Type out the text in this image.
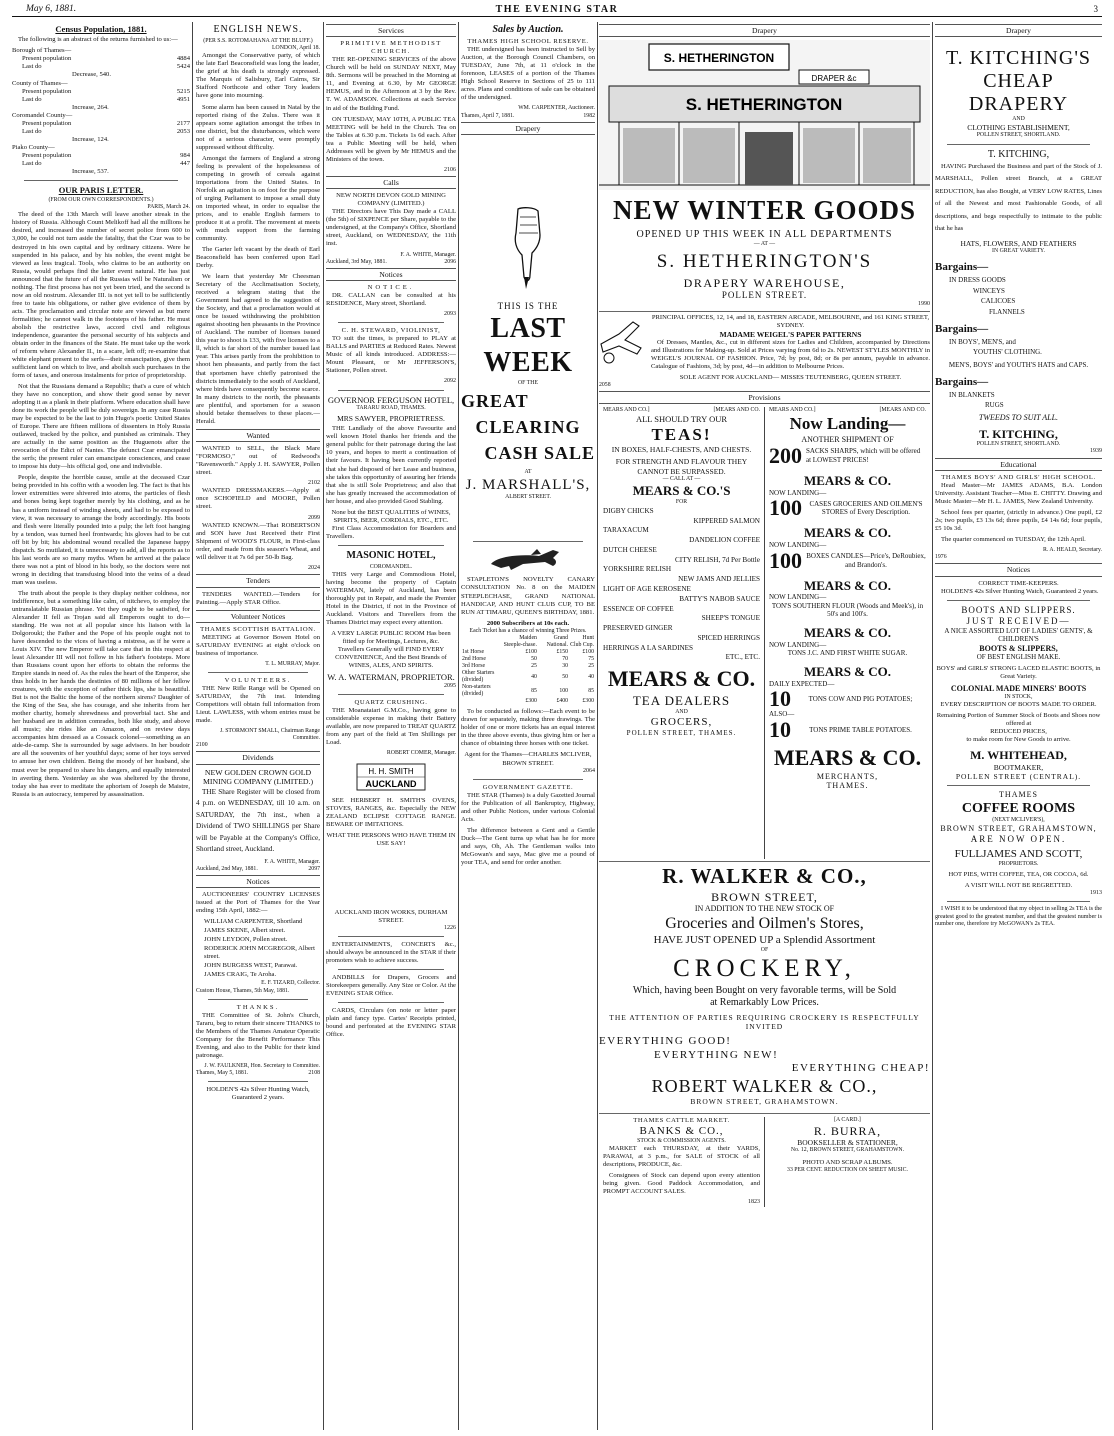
May 6, 1881.	THE EVENING STAR	3
Census Population, 1881.
The following is an abstract of the returns furnished to us:—
Borough of Thames—
Present population	4884
Last do	5424
Decrease, 540.
County of Thames—
Present population	5215
Last do	4951
Increase, 264.
Coromandel County—
Present population	2177
Last do	2053
Increase, 124.
Piako County—
Present population	984
Last do	447
Increase, 537.
OUR PARIS LETTER.
(FROM OUR OWN CORRESPONDENTS.)
PARIS, March 24.
The deed of the 13th March will leave another streak in the history of Russia. Although Count Melikoff had all the millions he desired, and increased the number of secret police from 600 to 3,000, he could not turn aside the fatality, that the Czar was to be destroyed in his own capital and by ordinary citizens. Were he suspended in his palace, and by his nobles, the event might be viewed as less tragical. Tools, who claims to be an authority on Russia, would perhaps find the latter event natural. He has just announced that the future of all the Russias will be Naturalism or nothing. The first process has not yet been tried, and the second is now an old nostrum. Alexander III. is not yet tell to be sufficiently free to taste his obligations, or rather give evidence of them by acts. The proclamation and circular note are viewed as but mere formalities; he cannot walk in the footsteps of his father. He must abolish the restrictive laws, accord civil and religious independence, guarantee the personal security of his subjects and obtain order in the finances of the State. He must take up the work of reform where Alexander II., in a scare, left off; re-examine that white elephant present to the serfs—their emancipation, give them sufficient land on which to live, and abolish such purchases in the form of taxes, and onerous instalments for price of proprietorship.
Not that the Russians demand a Republic; that's a cure of which they have no conception, and show their good sense by never adopting it as a plank in their platform. Where education shall have done its work the people will be duly sovereign. In any case Russia may be expected to be the last to join Hugo's poetic United States of Europe. There are fifteen millions of dissenters in Holy Russia outlawed, tracked by the police, and punished as criminals. They are actually in the same position as the Huguenots after the revocation of the Edict of Nantes. The defunct Czar emancipated the serfs; the present ruler can emancipate consciences, and cease to impose his duty—his official god, one and indivisible.
People, despite the horrible cause, smile at the deceased Czar being provided in his coffin with a wooden leg. The fact is that his lower extremities were shivered into atoms, the particles of flesh and bones being kept together merely by his clothing, and as he has a uniform instead of winding sheets, and had to be exposed to view, it was necessary to arrange the body accordingly. His boots and flesh were literally pounded into a pulp; the left foot hanging by a tendon, was turned heel frontwards; his gloves had to be cut off bit by bit; his abdominal wound recalled the Japanese happy dispatch. So mutilated, it is unnecessary to add, all the reports as to his last words are so many myths. When he arrived at the palace there was not a pint of blood in his body, so the doctors were not wrong in deciding that transfusing blood into the veins of a dead man was useless.
The truth about the people is they display neither coldness, nor indifference, but a something like calm, of nitchevo, to employ the untranslatable Russian phrase. Yet they ought to be satisfied, for Alexander II fell as Trojan said all Emperors ought to do—standing. He was not at all popular since his liaison with la Dolgorouki; the Father and the Pope of his people ought not to have descended to the vices of having a mistress, as if he were a Louis XIV. The new Emperor will take care that in this respect at least Alexander III will not follow in his father's footsteps. More than Russians count upon her efforts to obtain the reforms the Empire stands in need of. As the rules the heart of the Emperor, she thus holds in her hands the destinies of 80 millions of her fellow creatures, with the exception of rather thick lips, she is beautiful. But is not the Baltic the home of the northern sirens? Daughter of the King of the Sea, she has courage, and she inherits from her mother charity, homely shrewdness and proverbial tact. She and her husband are in addition comrades, both like study, and above all music; she rides like an Amazon, and on review days accompanies him dressed as a Cossack colonel—something as an aide-de-camp. She is surrounded by sage advisers. In her boudoir are all the souvenirs of her youthful days; some of her toys served to amuse her own children. Being the moody of her husband, she must ever be prepared to share his dangers, and equally interested in averting them. Yesterday as she was sheltered by the throne, today she has ever to meditate the aphorism of Joseph de Maistre, Russia is an autocracy, tempered by assassination.
ENGLISH NEWS.
(PER S.S. ROTOMAHANA AT THE BLUFF.)
LONDON, April 18.
Amongst the Conservative party, of which the late Earl Beaconsfield was long the leader, the grief at his death is strongly expressed. The Marquis of Salisbury, Earl Cairns, Sir Stafford Northcote and other Tory leaders have gone into mourning.
Some alarm has been caused in Natal by the reported rising of the Zulus. There was it appears some agitation amongst the tribes in one district, but the disturbances, which were not of a serious character, were promptly suppressed without difficulty.
Amongst the farmers of England a strong feeling is prevalent of the hopelessness of competing in growth of cereals against importations from the United States. In Norfolk an agitation is on foot for the purpose of urging Parliament to impose a small duty on imported wheat, in order to equalise the prices, and to enable English farmers to produce it at a profit. The movement at meets with much support from the farming community.
The Garter left vacant by the death of Earl Beaconsfield has been conferred upon Earl Derby.
We learn that yesterday Mr Cheesman Secretary of the Acclimatisation Society, received a telegram stating that the Government had agreed to the suggestion of the Society, and that a proclamation would at once be issued withdrawing the prohibition against shooting hen pheasants in the Province of Auckland. The number of licenses issued this year to shoot is 133, with five licenses to a ll, which is far short of the number issued last year. This arises partly from the prohibition to shoot hen pheasants, and partly from the fact that sportsmen have chiefly patronised the districts immediately to the south of Auckland, where birds have consequently become scarce. In many districts to the north, the pheasants are plentiful, and sportsmen for a season should betake themselves to these places.—Herald.
Wanted
WANTED to SELL, the Black Mare "FORMOSO," out of Redwood's "Ravensworth." Apply J. H. SAWYER, Pollen street.
2102
WANTED DRESSMAKERS.—Apply at once SCHOFIELD and MOORE, Pollen street.
2099
WANTED KNOWN.—That ROBERTSON and SON have Just Received their First Shipment of WOOD'S FLOUR, in First-class order, and made from this season's Wheat, and will deliver it at 7s 6d per 50-lb Bag.
2024
Tenders
TENDERS WANTED.—Tenders for Painting.—Apply STAR Office.
Volunteer Notices
THAMES SCOTTISH BATTALION.
MEETING at Governor Bowen Hotel on SATURDAY EVENING at eight o'clock on business of importance.
T. L. MURRAY, Major.
VOLUNTEERS.
THE New Rifle Range will be Opened on SATURDAY, the 7th inst. Intending Competitors will obtain full information from Lieut. LAWLESS, with whom entries must be made.
J. STORMONT SMALL, Chairman Range Committee.
2100
Dividends
NEW GOLDEN CROWN GOLD MINING COMPANY (LIMITED.)
THE Share Register will be closed from 4 p.m. on WEDNESDAY, till 10 a.m. on SATURDAY, the 7th inst., when a Dividend of TWO SHILLINGS per Share will be Payable at the Company's Office, Shortland street, Auckland.
F. A. WHITE, Manager.
Auckland, 2nd May, 1881.	2097
Notices
AUCTIONEERS' COUNTRY LICENSES issued at the Port of Thames for the Year ending 15th April, 1882:—
WILLIAM CARPENTER, Shortland
JAMES SKENE, Albert street.
JOHN LEYDON, Pollen street.
RODERICK JOHN MCGREGOR, Albert street.
JOHN BURGESS WEST, Parawai.
JAMES CRAIG, Te Aroha.
E. F. TIZARD, Collector.
Custom House, Thames, 5th May, 1881.
THANKS.
THE Committee of St. John's Church, Tararu, beg to return their sincere THANKS to the Members of the Thames Amateur Operatic Company for the Benefit Performance This Evening, and also to the Public for their kind patronage.
J. W. FAULKNER, Hon. Secretary to Committee.
Thames, May 5, 1881.	2108
HOLDEN'S 42s Silver Hunting Watch, Guaranteed 2 years.
Services
PRIMITIVE METHODIST CHURCH.
THE RE-OPENING SERVICES of the above Church will be held on SUNDAY NEXT, May 8th. Sermons will be preached in the Morning at 11, and Evening at 6.30, by Mr GEORGE HEMUS, and in the Afternoon at 3 by the Rev. T. W. ADAMSON. Collections at each Service in aid of the Building Fund.
ON TUESDAY, MAY 10TH, A PUBLIC TEA MEETING will be held in the Church. Tea on the Tables at 6.30 p.m. Tickets 1s 6d each. After tea a Public Meeting will be held, when Addresses will be given by Mr HEMUS and the Ministers of the town.
2106
Calls
NEW NORTH DEVON GOLD MINING COMPANY (LIMITED.)
THE Directors have This Day made a CALL (the 5th) of SIXPENCE per Share, payable to the undersigned, at the Company's Office, Shortland street, Auckland, on WEDNESDAY, the 11th inst.
F. A. WHITE, Manager.
Auckland, 3rd May, 1881.	2096
Notices
NOTICE.
DR. CALLAN can be consulted at his RESIDENCE, Mary street, Shortland.
2093
C. H. STEWARD, VIOLINIST,
TO suit the times, is prepared to PLAY at BALLS and PARTIES at Reduced Rates. Newest Music of all kinds introduced. ADDRESS:—Mount Pleasant, or Mr JEFFERSON'S, Stationer, Pollen street.
2092
GOVERNOR FERGUSON HOTEL,
TARARU ROAD, THAMES.
MRS SAWYER, PROPRIETRESS.
THE Landlady of the above Favourite and well known Hotel thanks her friends and the general public for their patronage during the last 10 years, and hopes to merit a continuation of their favours. It having been currently reported that she had disposed of her Lease and business, she takes this opportunity of assuring her friends that she is still Sole Proprietress; and also that she has greatly increased the accommodation of her house, and also provided Good Stabling.
None but the BEST QUALITIES of WINES, SPIRITS, BEER, CORDIALS, ETC., ETC.
First Class Accommodation for Boarders and Travellers.
MASONIC HOTEL,
COROMANDEL.
THIS very Large and Commodious Hotel, having become the property of Captain WATERMAN, lately of Auckland, has been thoroughly put in Repair, and made the Premier Hotel in the District, if not in the Province of Auckland. Visitors and Travellers from the Thames District may expect every attention.
A VERY LARGE PUBLIC ROOM Has been fitted up for Meetings, Lectures, &c.
Travellers Generally will FIND EVERY CONVENIENCE, And the Best Brands of WINES, ALES, AND SPIRITS.
W. A. WATERMAN, PROPRIETOR.
2095
QUARTZ CRUSHING.
THE Moanataiari G.M.Co., having gone to considerable expense in making their Battery available, are now prepared to TREAT QUARTZ from any part of the field at Ten Shillings per Load.
ROBERT COMER, Manager.
H. H. SMITH
AUCKLAND
SEE HERBERT H. SMITH'S OVENS, STOVES, RANGES, &c. Especially the NEW ZEALAND ECLIPSE COTTAGE RANGE. BEWARE OF IMITATIONS.
WHAT THE PERSONS WHO HAVE THEM IN USE SAY!
AUCKLAND IRON WORKS, DURHAM STREET.
1226
ENTERTAINMENTS, CONCERTS &c., should always be announced in the STAR if their promoters wish to achieve success.
ANDBILLS for Drapers, Grocers and Storekeepers generally. Any Size or Color. At the EVENING STAR Office.
CARDS, Circulars (on note or letter paper plain and fancy type. Cartes' Receipts printed, bound and perforated at the EVENING STAR Office.
Sales by Auction.
THAMES HIGH SCHOOL RESERVE.
THE undersigned has been instructed to Sell by Auction, at the Borough Council Chambers, on TUESDAY, June 7th, at 11 o'clock in the forenoon, LEASES of a portion of the Thames High School Reserve in Sections of 25 to 111 acres. Plans and conditions of sale can be obtained of the undersigned.
WM. CARPENTER, Auctioneer.
Thames, April 7, 1881.	1982
Drapery
THIS IS THE
LAST WEEK
OF THE
GREAT
CLEARING
CASH SALE
AT
J. MARSHALL'S,
ALBERT STREET.
STAPLETON'S NOVELTY CANARY CONSULTATION No. 8 on the MAIDEN STEEPLECHASE, GRAND NATIONAL HANDICAP, AND HUNT CLUB CUP, TO BE RUN AT TIMARU, QUEEN'S BIRTHDAY, 1881.
2000 Subscribers at 10s each.
Each Ticket has a chance of winning Three Prizes.
	Maiden Steeple-chase.	Grand National.	Hunt Club Cup.
1st Horse	£100	£150	£100
2nd Horse	50	70	75
3rd Horse	25	30	25
Other Starters (divided)	40	50	40
Non-starters (divided)	85	100	85
	£300	£400	£300
To be conducted as follows:—Each event to be drawn for separately, making three drawings. The holder of one or more tickets has an equal interest in the three above events, thus giving him or her a chance of obtaining three horses with one ticket.
Agent for the Thames—CHARLES MCLIVER, BROWN STREET.
2064
GOVERNMENT GAZETTE.
THE STAR (Thames) is a duly Gazetted Journal for the Publication of all Bankruptcy, Highway, and other Public Notices, under various Colonial Acts.
The difference between a Gent and a Gentle Duck—The Gent turns up what has he for more and says, Oh, Ah. The Gentleman walks into McGowan's and says, Mac give me a pound of your TEA, and send for order another.
Drapery
S. HETHERINGTON
DRAPER &c
S. HETHERINGTON
NEW WINTER GOODS
OPENED UP THIS WEEK IN ALL DEPARTMENTS
— AT —
S. HETHERINGTON'S
DRAPERY WAREHOUSE,
POLLEN STREET.
1990
PRINCIPAL OFFICES, 12, 14, and 18, EASTERN ARCADE, MELBOURNE, and 161 KING STREET, SYDNEY.
MADAME WEIGEL'S PAPER PATTERNS
Of Dresses, Mantles, &c., cut in different sizes for Ladies and Children, accompanied by Directions and Illustrations for Making-up. Sold at Prices varying from 6d to 2s. NEWEST STYLES MONTHLY in WEIGEL'S JOURNAL OF FASHION. Price, 7d; by post, 8d; or 8s per annum, payable in advance. Catalogue of Fashions, 3d; by post, 4d—in addition to Melbourne Prices.
SOLE AGENT FOR AUCKLAND— MISSES TEUTENBERG, QUEEN STREET.
2058
Provisions
MEARS AND CO.]	[MEARS AND CO.
ALL SHOULD TRY OUR
TEAS!
IN BOXES, HALF-CHESTS, AND CHESTS.
FOR STRENGTH AND FLAVOUR THEY CANNOT BE SURPASSED.
— CALL AT —
MEARS & CO.'S
FOR
DIGBY CHICKS
KIPPERED SALMON
TARAXACUM
DANDELION COFFEE
DUTCH CHEESE
CITY RELISH, 7d Per Bottle
YORKSHIRE RELISH
NEW JAMS AND JELLIES
LIGHT OF AGE KEROSENE
BATTY'S NABOB SAUCE
ESSENCE OF COFFEE
SHEEP'S TONGUE
PRESERVED GINGER
SPICED HERRINGS
HERRINGS A LA SARDINES
ETC., ETC.
MEARS & CO.
TEA DEALERS
AND
GROCERS,
POLLEN STREET, THAMES.
MEARS AND CO.]	[MEARS AND CO.
Now Landing—
ANOTHER SHIPMENT OF
200 SACKS SHARPS, which will be offered at LOWEST PRICES!
MEARS & CO.
NOW LANDING—
100	CASES GROCERIES AND OILMEN'S STORES of Every Description.
MEARS & CO.
NOW LANDING—
100 BOXES CANDLES—Price's, DeRoubiex, and Brandon's.
MEARS & CO.
NOW LANDING—
TON'S SOUTHERN FLOUR (Woods and Meek's), in 50's and 100's.
MEARS & CO.
NOW LANDING—
TONS J.C. AND FIRST WHITE SUGAR.
MEARS & CO.
DAILY EXPECTED—
10	TONS COW AND PIG POTATOES;
ALSO—
10	TONS PRIME TABLE POTATOES.
MEARS & CO.
MERCHANTS,
THAMES.
R. WALKER & CO.,
BROWN STREET,
IN ADDITION TO THE NEW STOCK OF
Groceries and Oilmen's Stores,
HAVE JUST OPENED UP a Splendid Assortment
OF
CROCKERY,
Which, having been Bought on very favorable terms, will be Sold at Remarkably Low Prices.
THE ATTENTION OF PARTIES REQUIRING CROCKERY IS RESPECTFULLY INVITED
EVERYTHING GOOD!
EVERYTHING NEW!
EVERYTHING CHEAP!
ROBERT WALKER & CO.,
BROWN STREET, GRAHAMSTOWN.
THAMES CATTLE MARKET.
BANKS & CO.,
STOCK & COMMISSION AGENTS.
MARKET each THURSDAY, at their YARDS, PARAWAI, at 3 p.m., for SALE of STOCK of all descriptions, PRODUCE, &c.
Consignees of Stock can depend upon every attention being given. Good Paddock Accommodation, and PROMPT ACCOUNT SALES.
1823
[A CARD.]
R. BURRA,
BOOKSELLER & STATIONER,
No. 12, BROWN STREET, GRAHAMSTOWN.
PHOTO AND SCRAP ALBUMS.
33 PER CENT. REDUCTION ON SHEET MUSIC.
Drapery
T. KITCHING'S
CHEAP DRAPERY
AND
CLOTHING ESTABLISHMENT,
POLLEN STREET, SHORTLAND.
T. KITCHING,
HAVING Purchased the Business and part of the Stock of J. MARSHALL, Pollen street Branch, at a GREAT REDUCTION, has also Bought, at VERY LOW RATES, Lines of all the Newest and most Fashionable Goods, of all descriptions, and begs respectfully to intimate to the public that he has
HATS, FLOWERS, AND FEATHERS
IN GREAT VARIETY.
Bargains—
IN DRESS GOODS
WINCEYS
CALICOES
FLANNELS
Bargains—
IN BOYS', MEN'S, and
YOUTHS' CLOTHING.
MEN'S, BOYS' and YOUTH'S HATS and CAPS.
Bargains—
IN BLANKETS
RUGS
TWEEDS TO SUIT ALL.
T. KITCHING,
POLLEN STREET, SHORTLAND.
1939
Educational
THAMES BOYS' AND GIRLS' HIGH SCHOOL.
Head Master—Mr JAMES ADAMS, B.A. London University. Assistant Teacher—Miss E. CHITTY. Drawing and Music Master—Mr H. L. JAMES, New Zealand University.
School fees per quarter, (strictly in advance.) One pupil, £2 2s; two pupils, £3 13s 6d; three pupils, £4 14s 6d; four pupils, £5 10s 3d.
The quarter commenced on TUESDAY, the 12th April.
R. A. HEALD, Secretary.
1976
Notices
CORRECT TIME-KEEPERS.
HOLDEN'S 42s Silver Hunting Watch, Guaranteed 2 years.
BOOTS AND SLIPPERS.
JUST RECEIVED—
A NICE ASSORTED LOT OF LADIES' GENTS', & CHILDREN'S
BOOTS & SLIPPERS,
OF BEST ENGLISH MAKE.
BOYS' and GIRLS' STRONG LACED ELASTIC BOOTS, in Great Variety.
COLONIAL MADE MINERS' BOOTS
IN STOCK,
EVERY DESCRIPTION OF BOOTS MADE TO ORDER.
Remaining Portion of Summer Stock of Boots and Shoes now offered at
REDUCED PRICES,
to make room for New Goods to arrive.
M. WHITEHEAD,
BOOTMAKER,
POLLEN STREET (CENTRAL).
THAMES
COFFEE ROOMS
(NEXT MCLIVER'S),
BROWN STREET, GRAHAMSTOWN,
ARE NOW OPEN.
FULLJAMES AND SCOTT,
PROPRIETORS.
HOT PIES, WITH COFFEE, TEA, OR COCOA, 6d.
A VISIT WILL NOT BE REGRETTED.
1913
I WISH it to be understood that my object in selling 2s TEA is the greatest good to the greatest number, and that the greatest number is number one, therefore try McGOWAN's 2s TEA.
